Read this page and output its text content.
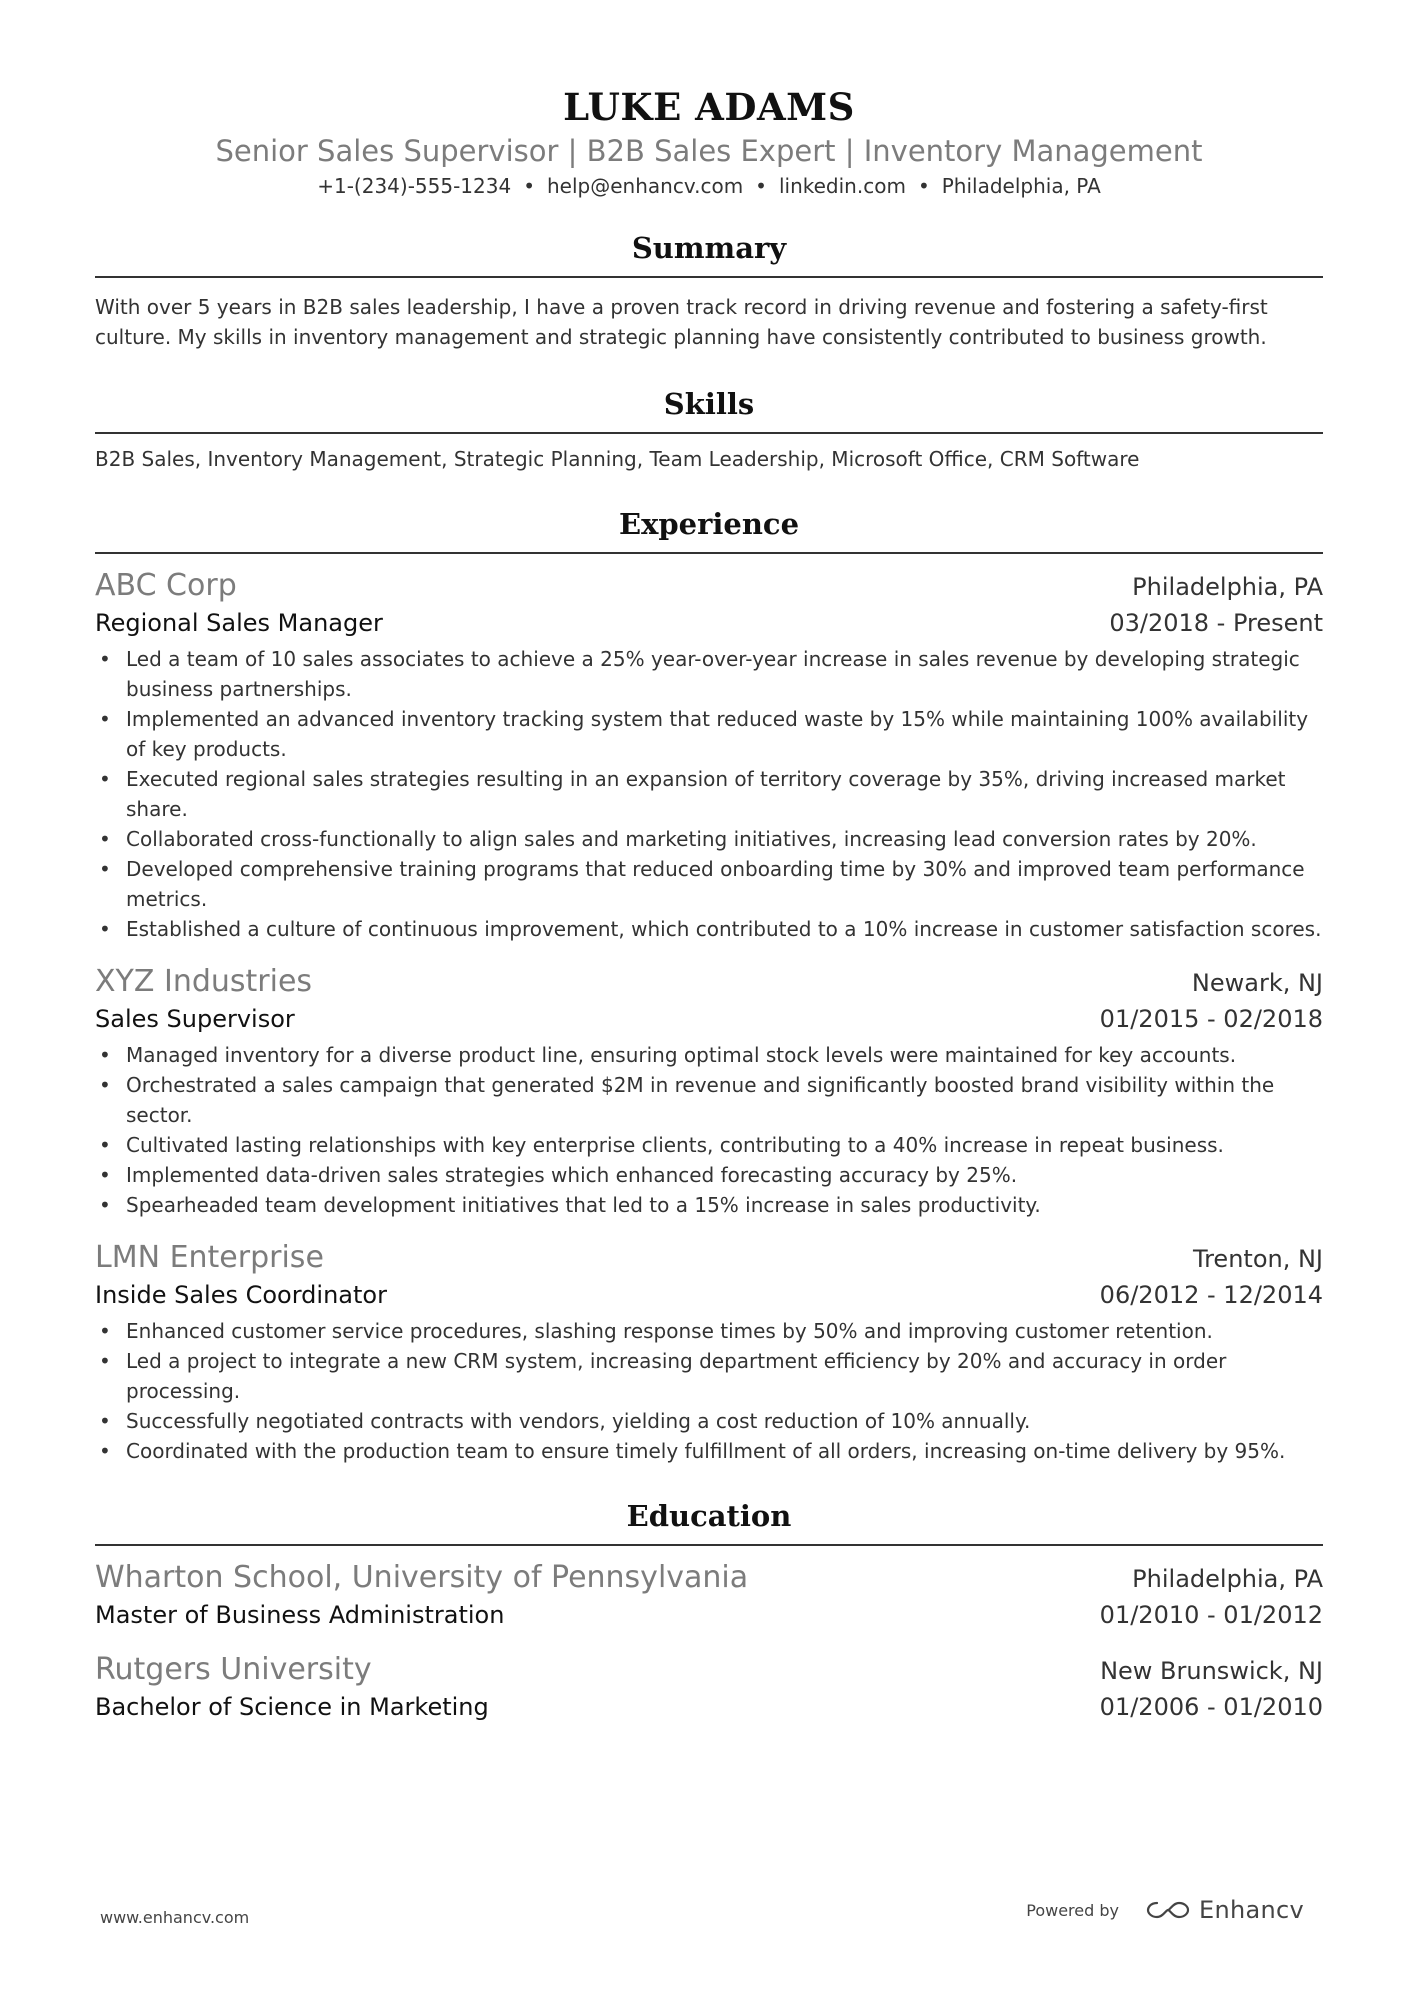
LUKE ADAMS
Senior Sales Supervisor | B2B Sales Expert | Inventory Management
+1-(234)-555-1234 • help@enhancv.com • linkedin.com • Philadelphia, PA
Summary
With over 5 years in B2B sales leadership, I have a proven track record in driving revenue and fostering a safety-first culture. My skills in inventory management and strategic planning have consistently contributed to business growth.
Skills
B2B Sales, Inventory Management, Strategic Planning, Team Leadership, Microsoft Office, CRM Software
Experience
ABC Corp	Philadelphia, PA
Regional Sales Manager	03/2018 - Present
• Led a team of 10 sales associates to achieve a 25% year-over-year increase in sales revenue by developing strategic business partnerships.
• Implemented an advanced inventory tracking system that reduced waste by 15% while maintaining 100% availability of key products.
• Executed regional sales strategies resulting in an expansion of territory coverage by 35%, driving increased market share.
• Collaborated cross-functionally to align sales and marketing initiatives, increasing lead conversion rates by 20%.
• Developed comprehensive training programs that reduced onboarding time by 30% and improved team performance metrics.
• Established a culture of continuous improvement, which contributed to a 10% increase in customer satisfaction scores.
XYZ Industries	Newark, NJ
Sales Supervisor	01/2015 - 02/2018
• Managed inventory for a diverse product line, ensuring optimal stock levels were maintained for key accounts.
• Orchestrated a sales campaign that generated $2M in revenue and significantly boosted brand visibility within the sector.
• Cultivated lasting relationships with key enterprise clients, contributing to a 40% increase in repeat business.
• Implemented data-driven sales strategies which enhanced forecasting accuracy by 25%.
• Spearheaded team development initiatives that led to a 15% increase in sales productivity.
LMN Enterprise	Trenton, NJ
Inside Sales Coordinator	06/2012 - 12/2014
• Enhanced customer service procedures, slashing response times by 50% and improving customer retention.
• Led a project to integrate a new CRM system, increasing department efficiency by 20% and accuracy in order processing.
• Successfully negotiated contracts with vendors, yielding a cost reduction of 10% annually.
• Coordinated with the production team to ensure timely fulfillment of all orders, increasing on-time delivery by 95%.
Education
Wharton School, University of Pennsylvania	Philadelphia, PA
Master of Business Administration	01/2010 - 01/2012
Rutgers University	New Brunswick, NJ
Bachelor of Science in Marketing	01/2006 - 01/2010
www.enhancv.com	Powered by	Enhancv
